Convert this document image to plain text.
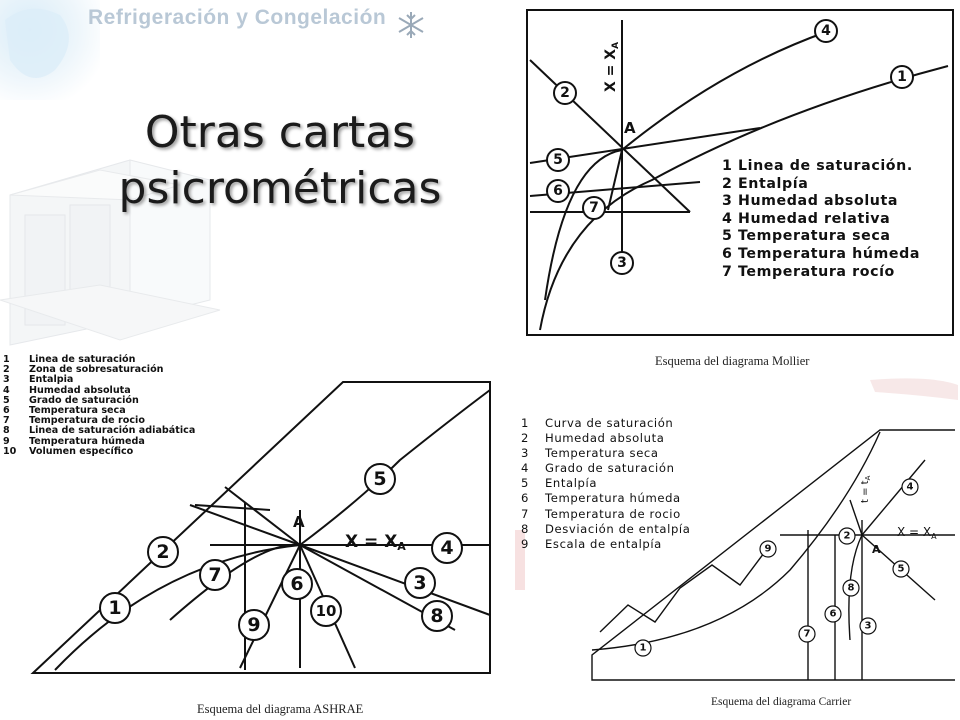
Refrigeración y Congelación
Otras cartas
psicrométricas
$X = X_A$
A
1
2
3
4
5
6
7
1 Linea de saturación.
2 Entalpía
3 Humedad absoluta
4 Humedad relativa
5 Temperatura seca
6 Temperatura húmeda
7 Temperatura rocío
Esquema del diagrama Mollier
X = XA
A
1
2
3
4
5
6
7
8
9
10
1 Linea de saturación
2 Zona de sobresaturación
3 Entalpia
4 Humedad absoluta
5 Grado de saturación
6 Temperatura seca
7 Temperatura de rocio
8 Linea de saturación adiabática
9 Temperatura húmeda
10 Volumen específico
Esquema del diagrama ASHRAE
$t = t_A$
$X = X_A$
A
1
2
3
4
5
6
7
8
9
1 Curva de saturación
2 Humedad absoluta
3 Temperatura seca
4 Grado de saturación
5 Entalpía
6 Temperatura húmeda
7 Temperatura de rocio
8 Desviación de entalpía
9 Escala de entalpía
Esquema del diagrama Carrier
